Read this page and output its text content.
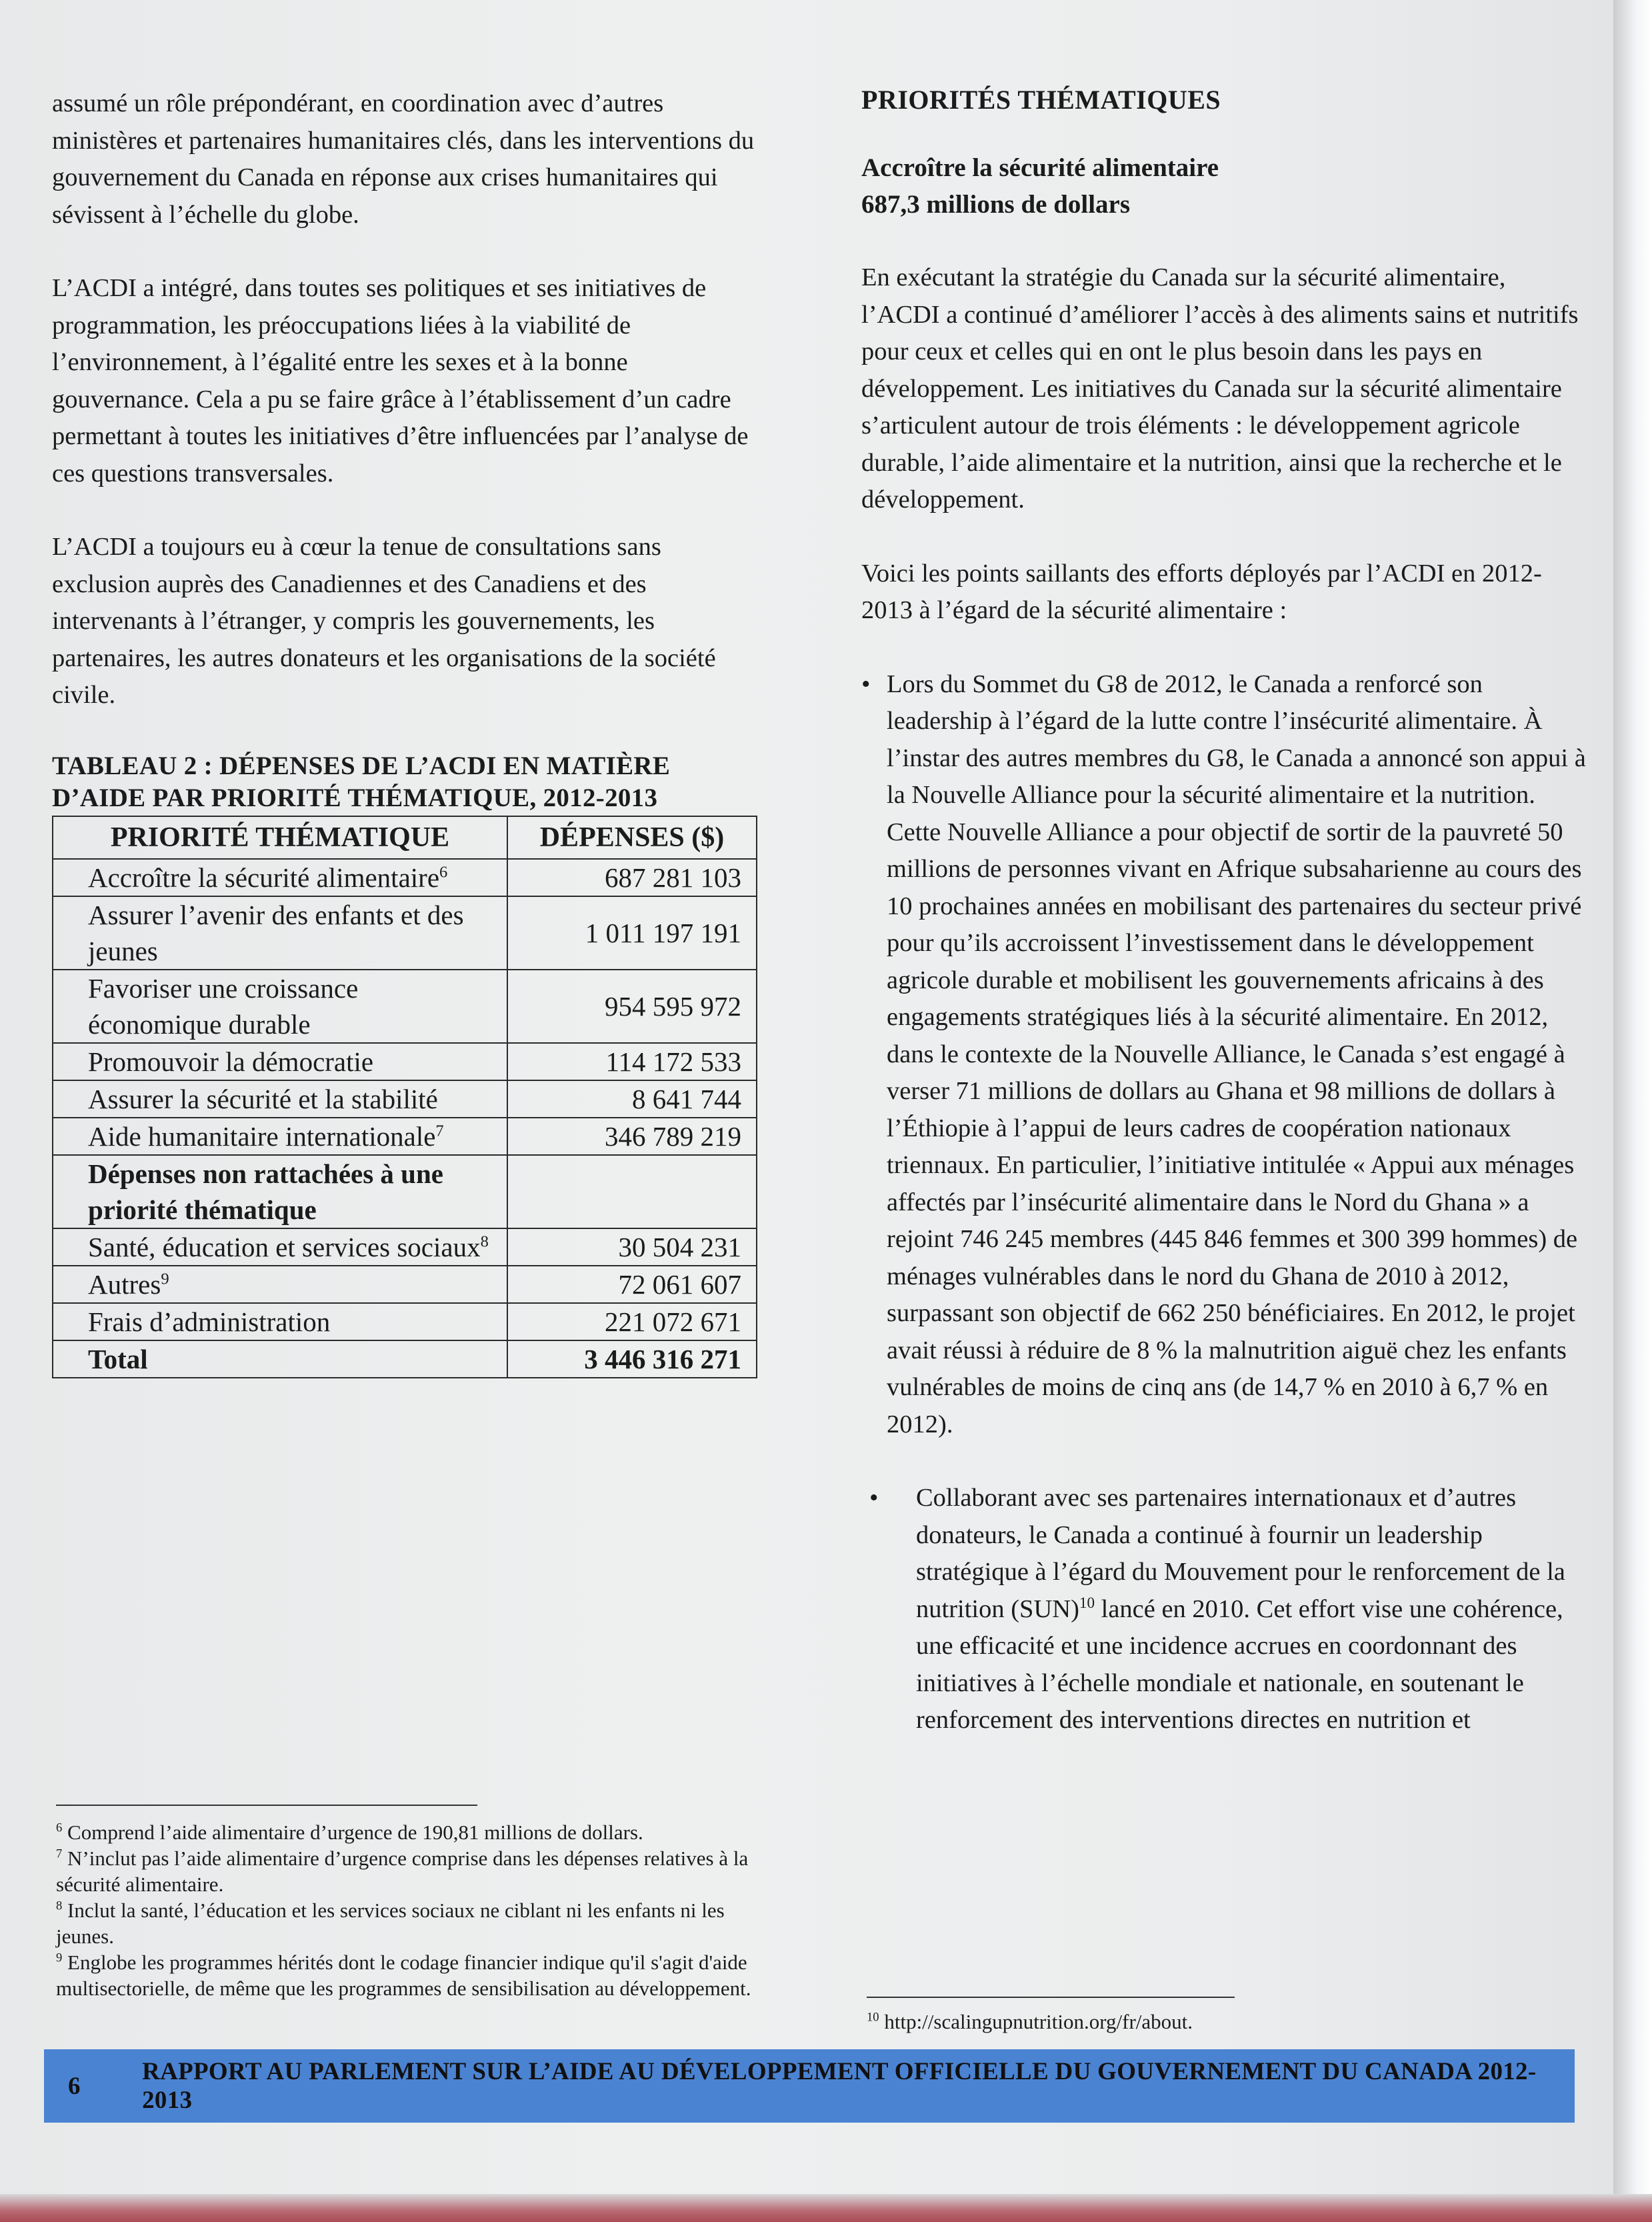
assumé un rôle prépondérant, en coordination avec d’autres ministères et partenaires humanitaires clés, dans les interventions du gouvernement du Canada en réponse aux crises humanitaires qui sévissent à l’échelle du globe.

L’ACDI a intégré, dans toutes ses politiques et ses initiatives de programmation, les préoccupations liées à la viabilité de l’environnement, à l’égalité entre les sexes et à la bonne gouvernance. Cela a pu se faire grâce à l’établissement d’un cadre permettant à toutes les initiatives d’être influencées par l’analyse de ces questions transversales.

L’ACDI a toujours eu à cœur la tenue de consultations sans exclusion auprès des Canadiennes et des Canadiens et des intervenants à l’étranger, y compris les gouvernements, les partenaires, les autres donateurs et les organisations de la société civile.

TABLEAU 2 : DÉPENSES DE L’ACDI EN MATIÈRE D’AIDE PAR PRIORITÉ THÉMATIQUE, 2012-2013
PRIORITÉ THÉMATIQUE	DÉPENSES ($)
Accroître la sécurité alimentaire$^6$	687 281 103
Assurer l’avenir des enfants et des jeunes	1 011 197 191
Favoriser une croissance économique durable	954 595 972
Promouvoir la démocratie	114 172 533
Assurer la sécurité et la stabilité	8 641 744
Aide humanitaire internationale$^7$	346 789 219
Dépenses non rattachées à une priorité thématique	
Santé, éducation et services sociaux$^8$	30 504 231
Autres$^9$	72 061 607
Frais d’administration	221 072 671
Total	3 446 316 271

$^6$ Comprend l’aide alimentaire d’urgence de 190,81 millions de dollars.

$^7$ N’inclut pas l’aide alimentaire d’urgence comprise dans les dépenses relatives à la sécurité alimentaire.

$^8$ Inclut la santé, l’éducation et les services sociaux ne ciblant ni les enfants ni les jeunes.

$^9$ Englobe les programmes hérités dont le codage financier indique qu'il s'agit d'aide multisectorielle, de même que les programmes de sensibilisation au développement.

PRIORITÉS THÉMATIQUES
Accroître la sécurité alimentaire
687,3 millions de dollars

En exécutant la stratégie du Canada sur la sécurité alimentaire, l’ACDI a continué d’améliorer l’accès à des aliments sains et nutritifs pour ceux et celles qui en ont le plus besoin dans les pays en développement. Les initiatives du Canada sur la sécurité alimentaire s’articulent autour de trois éléments : le développement agricole durable, l’aide alimentaire et la nutrition, ainsi que la recherche et le développement.

Voici les points saillants des efforts déployés par l’ACDI en 2012-2013 à l’égard de la sécurité alimentaire :

• Lors du Sommet du G8 de 2012, le Canada a renforcé son leadership à l’égard de la lutte contre l’insécurité alimentaire. À l’instar des autres membres du G8, le Canada a annoncé son appui à la Nouvelle Alliance pour la sécurité alimentaire et la nutrition. Cette Nouvelle Alliance a pour objectif de sortir de la pauvreté 50 millions de personnes vivant en Afrique subsaharienne au cours des 10 prochaines années en mobilisant des partenaires du secteur privé pour qu’ils accroissent l’investissement dans le développement agricole durable et mobilisent les gouvernements africains à des engagements stratégiques liés à la sécurité alimentaire. En 2012, dans le contexte de la Nouvelle Alliance, le Canada s’est engagé à verser 71 millions de dollars au Ghana et 98 millions de dollars à l’Éthiopie à l’appui de leurs cadres de coopération nationaux triennaux. En particulier, l’initiative intitulée « Appui aux ménages affectés par l’insécurité alimentaire dans le Nord du Ghana » a rejoint 746 245 membres (445 846 femmes et 300 399 hommes) de ménages vulnérables dans le nord du Ghana de 2010 à 2012, surpassant son objectif de 662 250 bénéficiaires. En 2012, le projet avait réussi à réduire de 8 % la malnutrition aiguë chez les enfants vulnérables de moins de cinq ans (de 14,7 % en 2010 à 6,7 % en 2012).
• Collaborant avec ses partenaires internationaux et d’autres donateurs, le Canada a continué à fournir un leadership stratégique à l’égard du Mouvement pour le renforcement de la nutrition (SUN)$^{10}$ lancé en 2010. Cet effort vise une cohérence, une efficacité et une incidence accrues en coordonnant des initiatives à l’échelle mondiale et nationale, en soutenant le renforcement des interventions directes en nutrition et
$^{10}$ http://scalingupnutrition.org/fr/about.
6
RAPPORT AU PARLEMENT SUR L’AIDE AU DÉVELOPPEMENT OFFICIELLE DU GOUVERNEMENT DU CANADA 2012-2013
